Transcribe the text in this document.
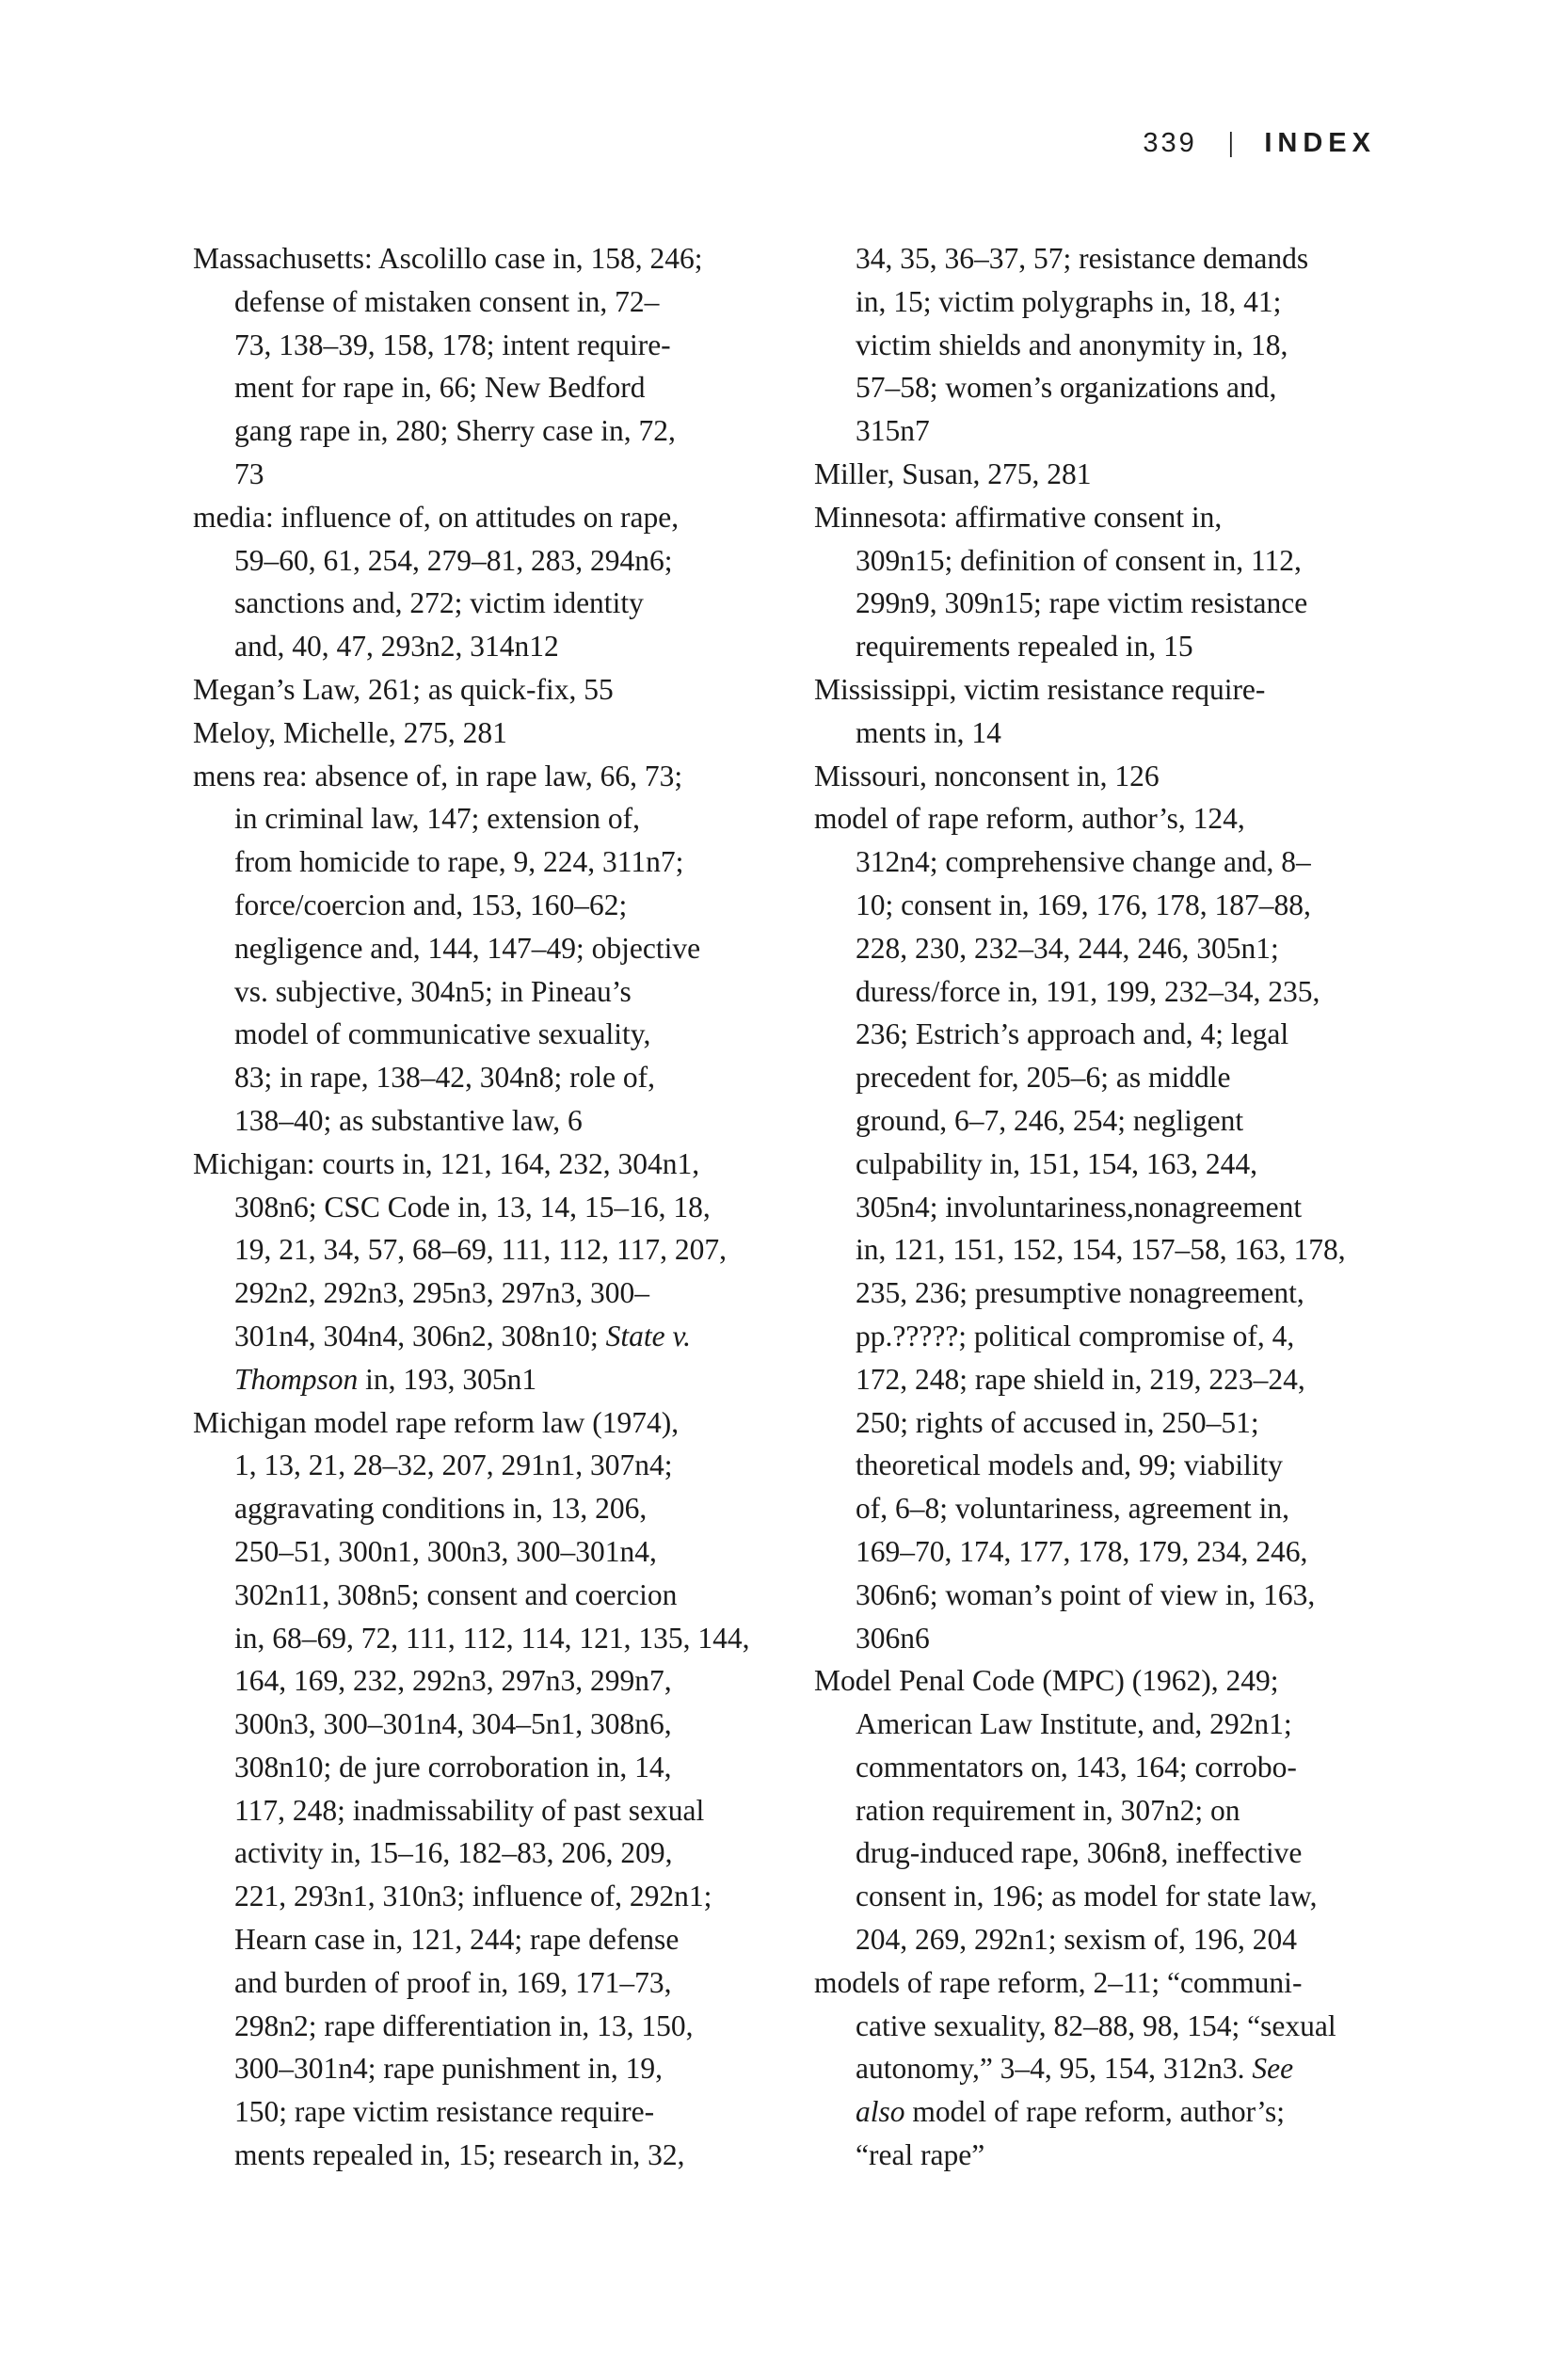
339 | INDEX
Massachusetts: Ascolillo case in, 158, 246;
defense of mistaken consent in, 72–
73, 138–39, 158, 178; intent require-
ment for rape in, 66; New Bedford
gang rape in, 280; Sherry case in, 72,
73
media: influence of, on attitudes on rape,
59–60, 61, 254, 279–81, 283, 294n6;
sanctions and, 272; victim identity
and, 40, 47, 293n2, 314n12
Megan’s Law, 261; as quick-fix, 55
Meloy, Michelle, 275, 281
mens rea: absence of, in rape law, 66, 73;
in criminal law, 147; extension of,
from homicide to rape, 9, 224, 311n7;
force/coercion and, 153, 160–62;
negligence and, 144, 147–49; objective
vs. subjective, 304n5; in Pineau’s
model of communicative sexuality,
83; in rape, 138–42, 304n8; role of,
138–40; as substantive law, 6
Michigan: courts in, 121, 164, 232, 304n1,
308n6; CSC Code in, 13, 14, 15–16, 18,
19, 21, 34, 57, 68–69, 111, 112, 117, 207,
292n2, 292n3, 295n3, 297n3, 300–
301n4, 304n4, 306n2, 308n10; State v.
Thompson in, 193, 305n1
Michigan model rape reform law (1974),
1, 13, 21, 28–32, 207, 291n1, 307n4;
aggravating conditions in, 13, 206,
250–51, 300n1, 300n3, 300–301n4,
302n11, 308n5; consent and coercion
in, 68–69, 72, 111, 112, 114, 121, 135, 144,
164, 169, 232, 292n3, 297n3, 299n7,
300n3, 300–301n4, 304–5n1, 308n6,
308n10; de jure corroboration in, 14,
117, 248; inadmissability of past sexual
activity in, 15–16, 182–83, 206, 209,
221, 293n1, 310n3; influence of, 292n1;
Hearn case in, 121, 244; rape defense
and burden of proof in, 169, 171–73,
298n2; rape differentiation in, 13, 150,
300–301n4; rape punishment in, 19,
150; rape victim resistance require-
ments repealed in, 15; research in, 32,
34, 35, 36–37, 57; resistance demands
in, 15; victim polygraphs in, 18, 41;
victim shields and anonymity in, 18,
57–58; women’s organizations and,
315n7
Miller, Susan, 275, 281
Minnesota: affirmative consent in,
309n15; definition of consent in, 112,
299n9, 309n15; rape victim resistance
requirements repealed in, 15
Mississippi, victim resistance require-
ments in, 14
Missouri, nonconsent in, 126
model of rape reform, author’s, 124,
312n4; comprehensive change and, 8–
10; consent in, 169, 176, 178, 187–88,
228, 230, 232–34, 244, 246, 305n1;
duress/force in, 191, 199, 232–34, 235,
236; Estrich’s approach and, 4; legal
precedent for, 205–6; as middle
ground, 6–7, 246, 254; negligent
culpability in, 151, 154, 163, 244,
305n4; involuntariness,nonagreement
in, 121, 151, 152, 154, 157–58, 163, 178,
235, 236; presumptive nonagreement,
pp.?????; political compromise of, 4,
172, 248; rape shield in, 219, 223–24,
250; rights of accused in, 250–51;
theoretical models and, 99; viability
of, 6–8; voluntariness, agreement in,
169–70, 174, 177, 178, 179, 234, 246,
306n6; woman’s point of view in, 163,
306n6
Model Penal Code (MPC) (1962), 249;
American Law Institute, and, 292n1;
commentators on, 143, 164; corrobo-
ration requirement in, 307n2; on
drug-induced rape, 306n8, ineffective
consent in, 196; as model for state law,
204, 269, 292n1; sexism of, 196, 204
models of rape reform, 2–11; “communi-
cative sexuality, 82–88, 98, 154; “sexual
autonomy,” 3–4, 95, 154, 312n3. See
also model of rape reform, author’s;
“real rape”
